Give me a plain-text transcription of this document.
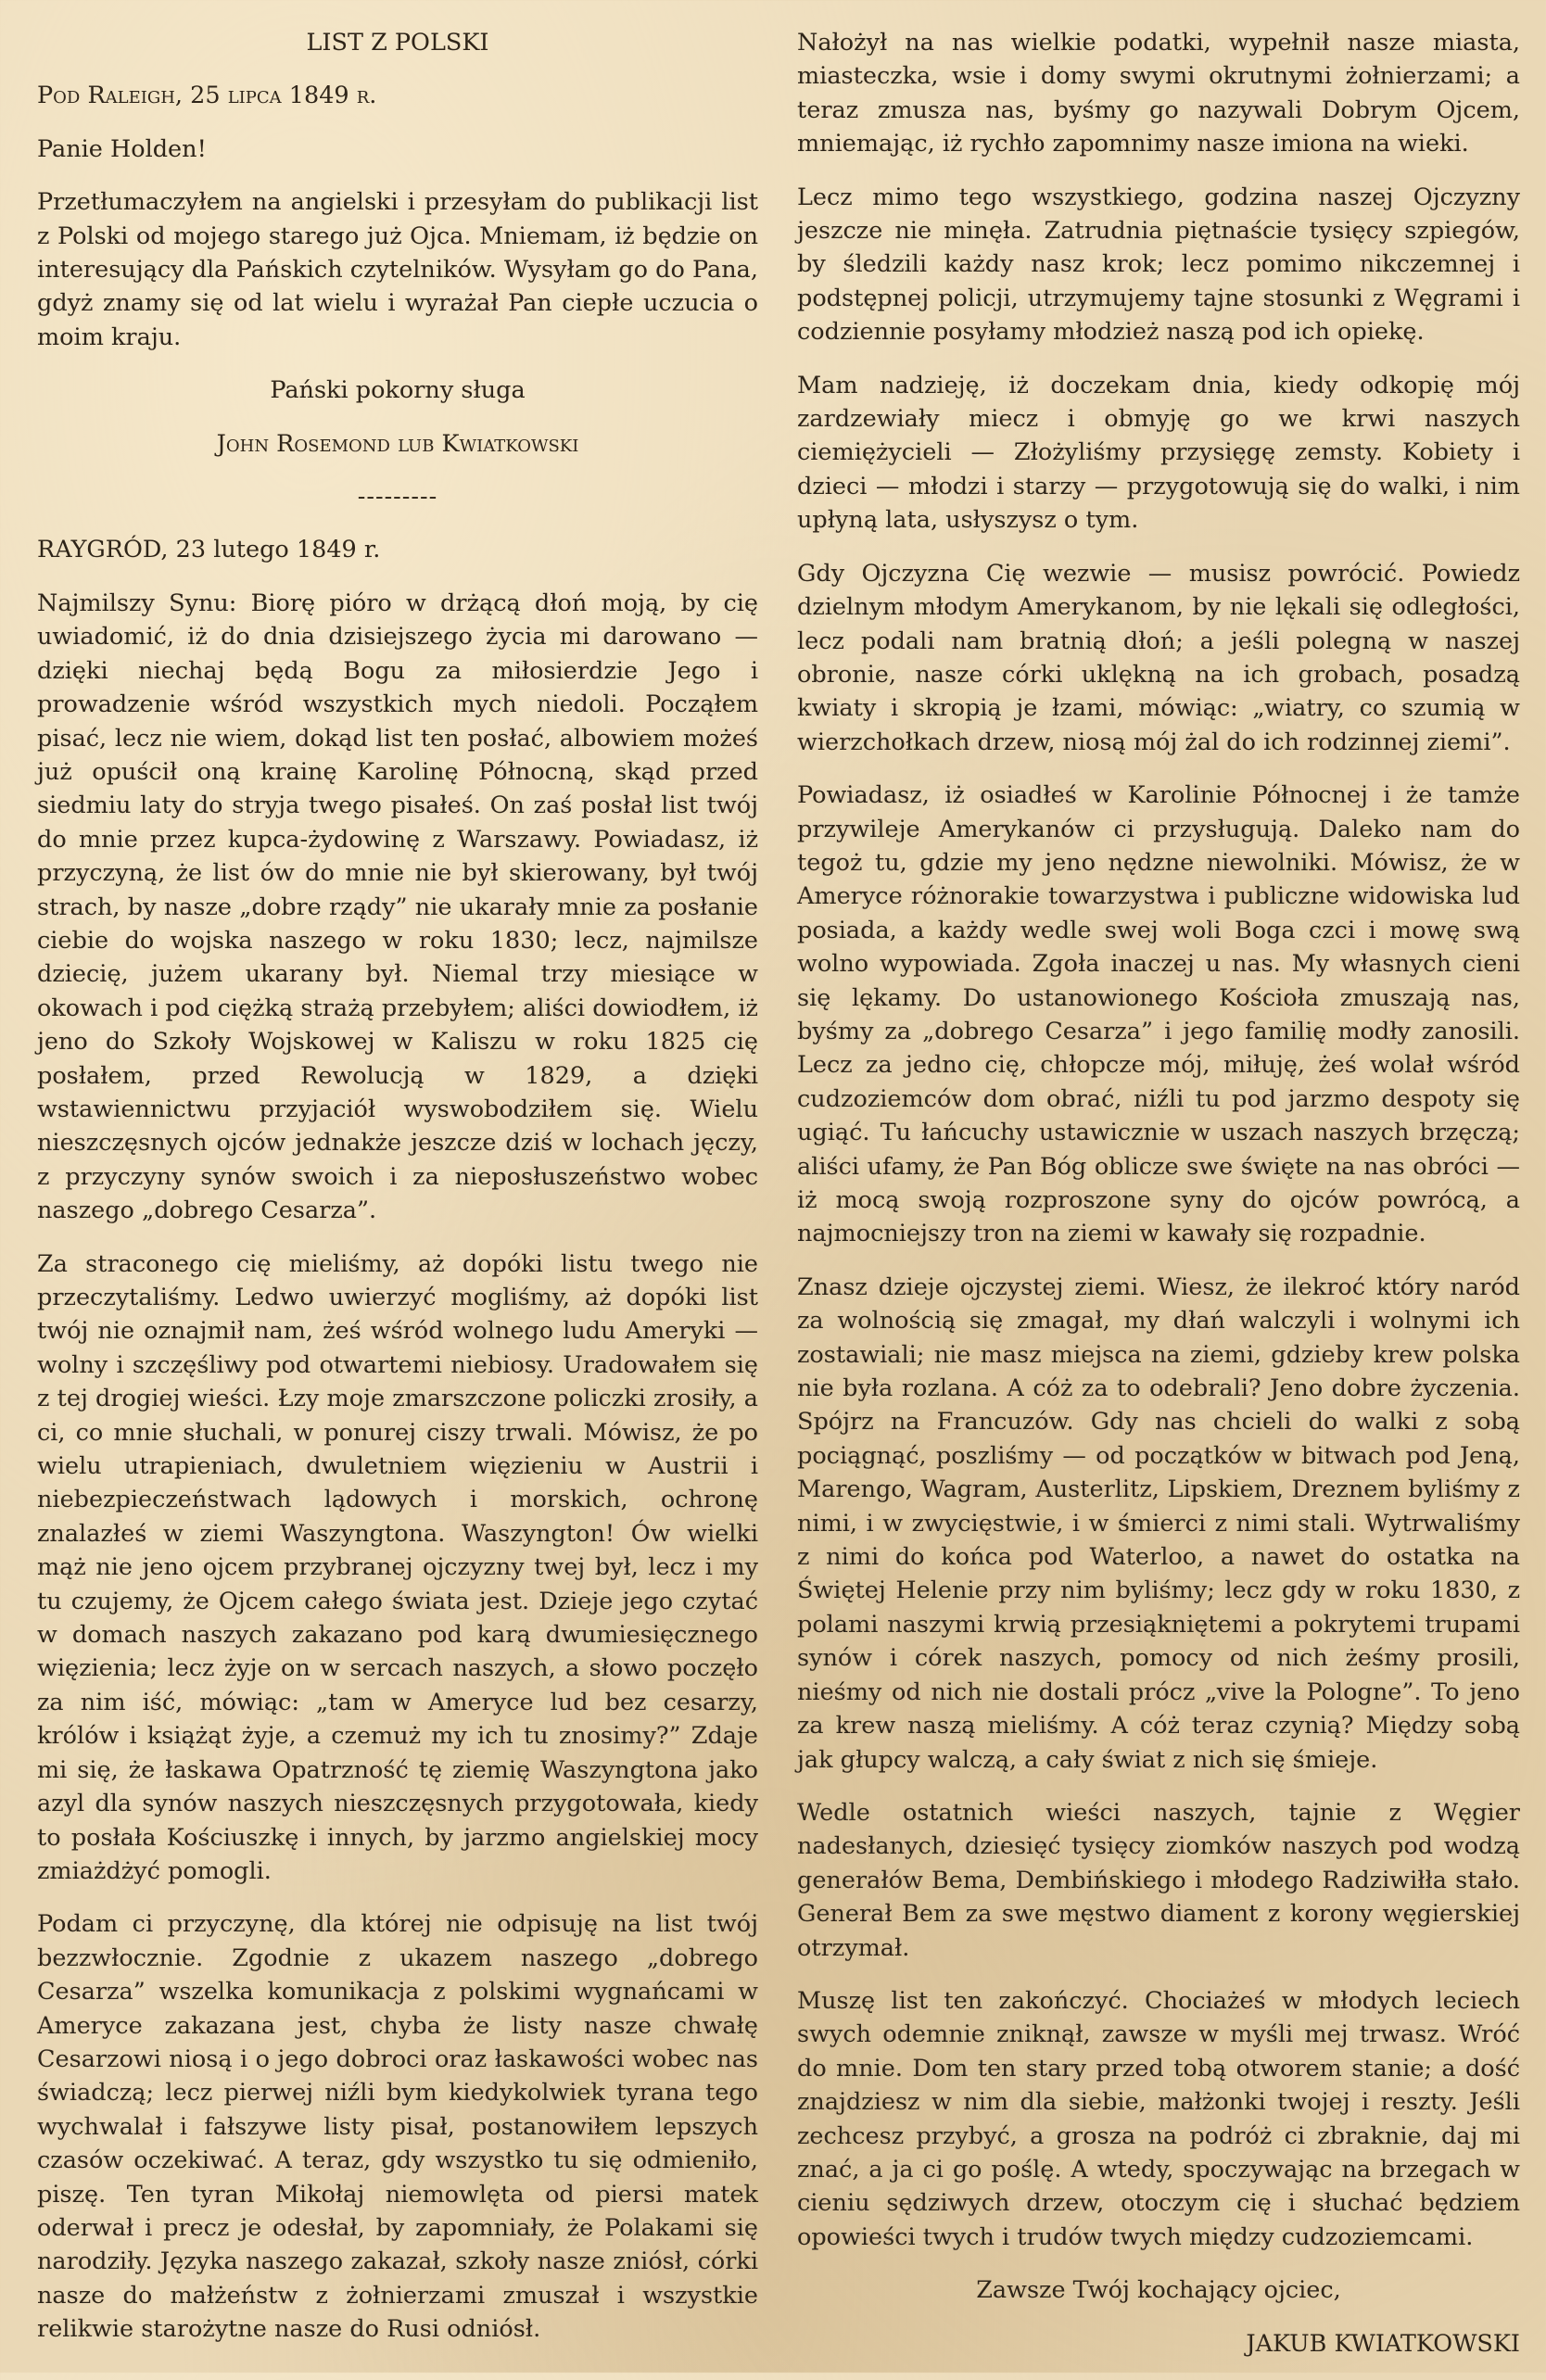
LIST Z POLSKI

Pod Raleigh, 25 lipca 1849 r.

Panie Holden!

Przetłumaczyłem na angielski i przesyłam do publikacji list z Polski od mojego starego już Ojca. Mniemam, iż będzie on interesujący dla Pańskich czytelników. Wysyłam go do Pana, gdyż znamy się od lat wielu i wyrażał Pan ciepłe uczucia o moim kraju.

Pański pokorny sługa

John Rosemond lub Kwiatkowski

---------

RAYGRÓD, 23 lutego 1849 r.

Najmilszy Synu: Biorę pióro w drżącą dłoń moją, by cię uwiadomić, iż do dnia dzisiejszego życia mi darowano — dzięki niechaj będą Bogu za miłosierdzie Jego i prowadzenie wśród wszystkich mych niedoli. Począłem pisać, lecz nie wiem, dokąd list ten posłać, albowiem możeś już opuścił oną krainę Karolinę Północną, skąd przed siedmiu laty do stryja twego pisałeś. On zaś posłał list twój do mnie przez kupca-żydowinę z Warszawy. Powiadasz, iż przyczyną, że list ów do mnie nie był skierowany, był twój strach, by nasze „dobre rządy” nie ukarały mnie za posłanie ciebie do wojska naszego w roku 1830; lecz, najmilsze dziecię, jużem ukarany był. Niemal trzy miesiące w okowach i pod ciężką strażą przebyłem; aliści dowiodłem, iż jeno do Szkoły Wojskowej w Kaliszu w roku 1825 cię posłałem, przed Rewolucją w 1829, a dzięki wstawiennictwu przyjaciół wyswobodziłem się. Wielu nieszczęsnych ojców jednakże jeszcze dziś w lochach jęczy, z przyczyny synów swoich i za nieposłuszeństwo wobec naszego „dobrego Cesarza”.

Za straconego cię mieliśmy, aż dopóki listu twego nie przeczytaliśmy. Ledwo uwierzyć mogliśmy, aż dopóki list twój nie oznajmił nam, żeś wśród wolnego ludu Ameryki — wolny i szczęśliwy pod otwartemi niebiosy. Uradowałem się z tej drogiej wieści. Łzy moje zmarszczone policzki zrosiły, a ci, co mnie słuchali, w ponurej ciszy trwali. Mówisz, że po wielu utrapieniach, dwuletniem więzieniu w Austrii i niebezpieczeństwach lądowych i morskich, ochronę znalazłeś w ziemi Waszyngtona. Waszyngton! Ów wielki mąż nie jeno ojcem przybranej ojczyzny twej był, lecz i my tu czujemy, że Ojcem całego świata jest. Dzieje jego czytać w domach naszych zakazano pod karą dwumiesięcznego więzienia; lecz żyje on w sercach naszych, a słowo poczęło za nim iść, mówiąc: „tam w Ameryce lud bez cesarzy, królów i książąt żyje, a czemuż my ich tu znosimy?” Zdaje mi się, że łaskawa Opatrzność tę ziemię Waszyngtona jako azyl dla synów naszych nieszczęsnych przygotowała, kiedy to posłała Kościuszkę i innych, by jarzmo angielskiej mocy zmiażdżyć pomogli.

Podam ci przyczynę, dla której nie odpisuję na list twój bezzwłocznie. Zgodnie z ukazem naszego „dobrego Cesarza” wszelka komunikacja z polskimi wygnańcami w Ameryce zakazana jest, chyba że listy nasze chwałę Cesarzowi niosą i o jego dobroci oraz łaskawości wobec nas świadczą; lecz pierwej niźli bym kiedykolwiek tyrana tego wychwalał i fałszywe listy pisał, postanowiłem lepszych czasów oczekiwać. A teraz, gdy wszystko tu się odmieniło, piszę. Ten tyran Mikołaj niemowlęta od piersi matek oderwał i precz je odesłał, by zapomniały, że Polakami się narodziły. Języka naszego zakazał, szkoły nasze zniósł, córki nasze do małżeństw z żołnierzami zmuszał i wszystkie relikwie starożytne nasze do Rusi odniósł.

Nałożył na nas wielkie podatki, wypełnił nasze miasta, miasteczka, wsie i domy swymi okrutnymi żołnierzami; a teraz zmusza nas, byśmy go nazywali Dobrym Ojcem, mniemając, iż rychło zapomnimy nasze imiona na wieki.

Lecz mimo tego wszystkiego, godzina naszej Ojczyzny jeszcze nie minęła. Zatrudnia piętnaście tysięcy szpiegów, by śledzili każdy nasz krok; lecz pomimo nikczemnej i podstępnej policji, utrzymujemy tajne stosunki z Węgrami i codziennie posyłamy młodzież naszą pod ich opiekę.

Mam nadzieję, iż doczekam dnia, kiedy odkopię mój zardzewiały miecz i obmyję go we krwi naszych ciemiężycieli — Złożyliśmy przysięgę zemsty. Kobiety i dzieci — młodzi i starzy — przygotowują się do walki, i nim upłyną lata, usłyszysz o tym.

Gdy Ojczyzna Cię wezwie — musisz powrócić. Powiedz dzielnym młodym Amerykanom, by nie lękali się odległości, lecz podali nam bratnią dłoń; a jeśli polegną w naszej obronie, nasze córki uklękną na ich grobach, posadzą kwiaty i skropią je łzami, mówiąc: „wiatry, co szumią w wierzchołkach drzew, niosą mój żal do ich rodzinnej ziemi”.

Powiadasz, iż osiadłeś w Karolinie Północnej i że tamże przywileje Amerykanów ci przysługują. Daleko nam do tegoż tu, gdzie my jeno nędzne niewolniki. Mówisz, że w Ameryce różnorakie towarzystwa i publiczne widowiska lud posiada, a każdy wedle swej woli Boga czci i mowę swą wolno wypowiada. Zgoła inaczej u nas. My własnych cieni się lękamy. Do ustanowionego Kościoła zmuszają nas, byśmy za „dobrego Cesarza” i jego familię modły zanosili. Lecz za jedno cię, chłopcze mój, miłuję, żeś wolał wśród cudzoziemców dom obrać, niźli tu pod jarzmo despoty się ugiąć. Tu łańcuchy ustawicznie w uszach naszych brzęczą; aliści ufamy, że Pan Bóg oblicze swe święte na nas obróci — iż mocą swoją rozproszone syny do ojców powrócą, a najmocniejszy tron na ziemi w kawały się rozpadnie.

Znasz dzieje ojczystej ziemi. Wiesz, że ilekroć który naród za wolnością się zmagał, my dłań walczyli i wolnymi ich zostawiali; nie masz miejsca na ziemi, gdzieby krew polska nie była rozlana. A cóż za to odebrali? Jeno dobre życzenia. Spójrz na Francuzów. Gdy nas chcieli do walki z sobą pociągnąć, poszliśmy — od początków w bitwach pod Jeną, Marengo, Wagram, Austerlitz, Lipskiem, Dreznem byliśmy z nimi, i w zwycięstwie, i w śmierci z nimi stali. Wytrwaliśmy z nimi do końca pod Waterloo, a nawet do ostatka na Świętej Helenie przy nim byliśmy; lecz gdy w roku 1830, z polami naszymi krwią przesiąkniętemi a pokrytemi trupami synów i córek naszych, pomocy od nich żeśmy prosili, nieśmy od nich nie dostali prócz „vive la Pologne”. To jeno za krew naszą mieliśmy. A cóż teraz czynią? Między sobą jak głupcy walczą, a cały świat z nich się śmieje.

Wedle ostatnich wieści naszych, tajnie z Węgier nadesłanych, dziesięć tysięcy ziomków naszych pod wodzą generałów Bema, Dembińskiego i młodego Radziwiłła stało. Generał Bem za swe męstwo diament z korony węgierskiej otrzymał.

Muszę list ten zakończyć. Chociażeś w młodych leciech swych odemnie zniknął, zawsze w myśli mej trwasz. Wróć do mnie. Dom ten stary przed tobą otworem stanie; a dość znajdziesz w nim dla siebie, małżonki twojej i reszty. Jeśli zechcesz przybyć, a grosza na podróż ci zbraknie, daj mi znać, a ja ci go poślę. A wtedy, spoczywając na brzegach w cieniu sędziwych drzew, otoczym cię i słuchać będziem opowieści twych i trudów twych między cudzoziemcami.

Zawsze Twój kochający ojciec,

JAKUB KWIATKOWSKI
